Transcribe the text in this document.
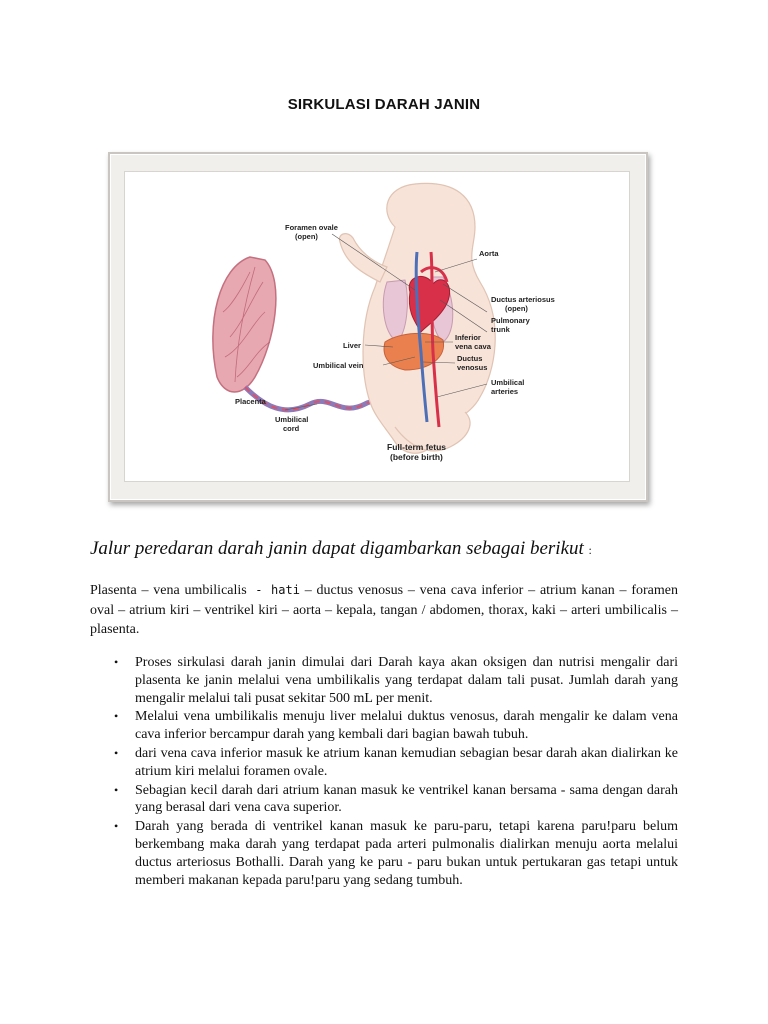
SIRKULASI DARAH JANIN
Foramen ovale
(open)
Aorta
Ductus arteriosus
(open)
Pulmonary
trunk
Liver
Inferior
vena cava
Umbilical vein
Ductus
venosus
Umbilical
arteries
Placenta
Umbilical
cord
Full-term fetus
(before birth)
Jalur peredaran darah janin dapat digambarkan sebagai berikut :
Plasenta – vena umbilicalis - hati – ductus venosus – vena cava inferior – atrium kanan – foramen oval – atrium kiri – ventrikel kiri – aorta – kepala, tangan / abdomen, thorax, kaki – arteri umbilicalis – plasenta.
• Proses sirkulasi darah janin dimulai dari Darah kaya akan oksigen dan nutrisi mengalir dari plasenta ke janin melalui vena umbilikalis yang terdapat dalam tali pusat. Jumlah darah yang mengalir melalui tali pusat sekitar 500 mL per menit.
• Melalui vena umbilikalis menuju liver melalui duktus venosus, darah mengalir ke dalam vena cava inferior bercampur darah yang kembali dari bagian bawah tubuh.
• dari vena cava inferior masuk ke atrium kanan kemudian sebagian besar darah akan dialirkan ke atrium kiri melalui foramen ovale.
• Sebagian kecil darah dari atrium kanan masuk ke ventrikel kanan bersama - sama dengan darah yang berasal dari vena cava superior.
• Darah yang berada di ventrikel kanan masuk ke paru-paru, tetapi karena paru!paru belum berkembang maka darah yang terdapat pada arteri pulmonalis dialirkan menuju aorta melalui ductus arteriosus Bothalli. Darah yang ke paru - paru bukan untuk pertukaran gas tetapi untuk memberi makanan kepada paru!paru yang sedang tumbuh.
